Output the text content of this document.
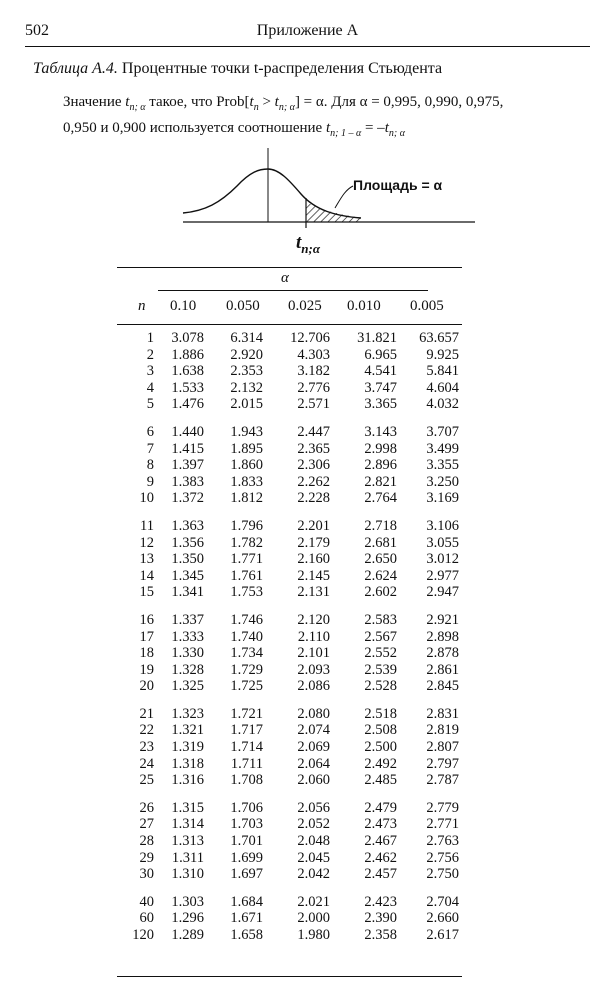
502	Приложение А
Таблица А.4. Процентные точки t-распределения Стьюдента
Значение $t_{n; \alpha}$ такое, что $Prob[t_n > t_{n; \alpha}] = \alpha$. Для α = 0,995, 0,990, 0,975,
0,950 и 0,900 используется соотношение $t_{n; 1 - \alpha} = -t_{n; \alpha}$
Площадь = α
$t_{n;\alpha}$
α
n 0.10 0.050 0.025 0.010 0.005
1	3.078	6.314	12.706	31.821	63.657
2	1.886	2.920	4.303	6.965	9.925
3	1.638	2.353	3.182	4.541	5.841
4	1.533	2.132	2.776	3.747	4.604
5	1.476	2.015	2.571	3.365	4.032
6	1.440	1.943	2.447	3.143	3.707
7	1.415	1.895	2.365	2.998	3.499
8	1.397	1.860	2.306	2.896	3.355
9	1.383	1.833	2.262	2.821	3.250
10	1.372	1.812	2.228	2.764	3.169
11	1.363	1.796	2.201	2.718	3.106
12	1.356	1.782	2.179	2.681	3.055
13	1.350	1.771	2.160	2.650	3.012
14	1.345	1.761	2.145	2.624	2.977
15	1.341	1.753	2.131	2.602	2.947
16	1.337	1.746	2.120	2.583	2.921
17	1.333	1.740	2.110	2.567	2.898
18	1.330	1.734	2.101	2.552	2.878
19	1.328	1.729	2.093	2.539	2.861
20	1.325	1.725	2.086	2.528	2.845
21	1.323	1.721	2.080	2.518	2.831
22	1.321	1.717	2.074	2.508	2.819
23	1.319	1.714	2.069	2.500	2.807
24	1.318	1.711	2.064	2.492	2.797
25	1.316	1.708	2.060	2.485	2.787
26	1.315	1.706	2.056	2.479	2.779
27	1.314	1.703	2.052	2.473	2.771
28	1.313	1.701	2.048	2.467	2.763
29	1.311	1.699	2.045	2.462	2.756
30	1.310	1.697	2.042	2.457	2.750
40	1.303	1.684	2.021	2.423	2.704
60	1.296	1.671	2.000	2.390	2.660
120	1.289	1.658	1.980	2.358	2.617
